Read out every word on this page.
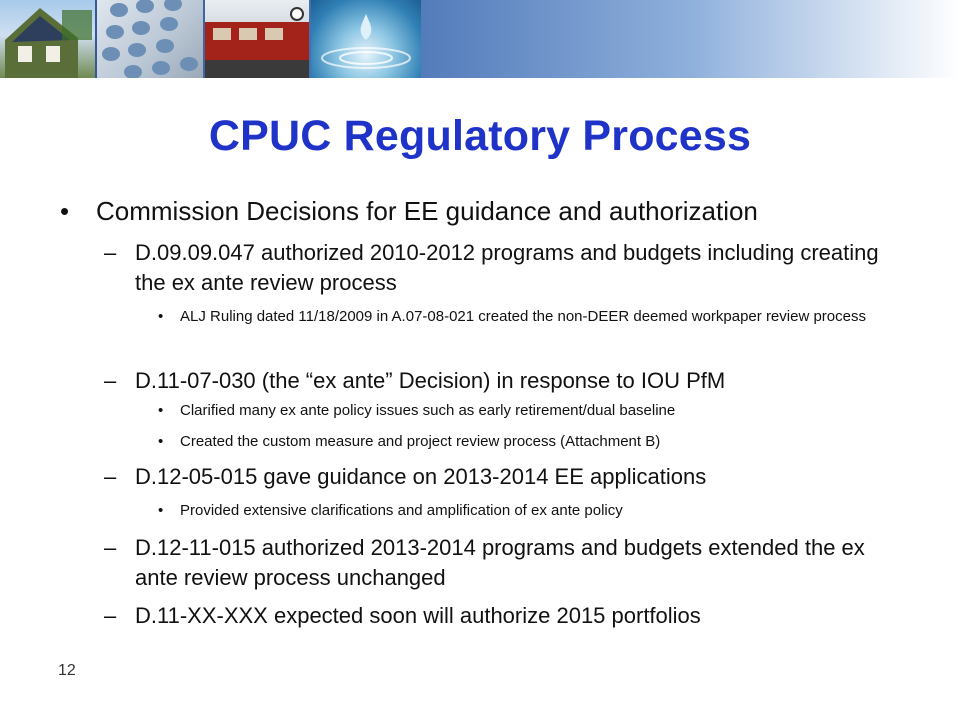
CPUC Regulatory Process
• Commission Decisions for EE guidance and authorization
– D.09.09.047 authorized 2010-2012 programs and budgets including creating the ex ante review process
• ALJ Ruling dated 11/18/2009 in A.07-08-021 created the non-DEER deemed workpaper review process
– D.11-07-030 (the “ex ante” Decision) in response to IOU PfM
• Clarified many ex ante policy issues such as early retirement/dual baseline
• Created the custom measure and project review process (Attachment B)
– D.12-05-015 gave guidance on 2013-2014 EE applications
• Provided extensive clarifications and amplification of ex ante policy
– D.12-11-015 authorized 2013-2014 programs and budgets extended the ex ante review process unchanged
– D.11-XX-XXX expected soon will authorize 2015 portfolios
12
